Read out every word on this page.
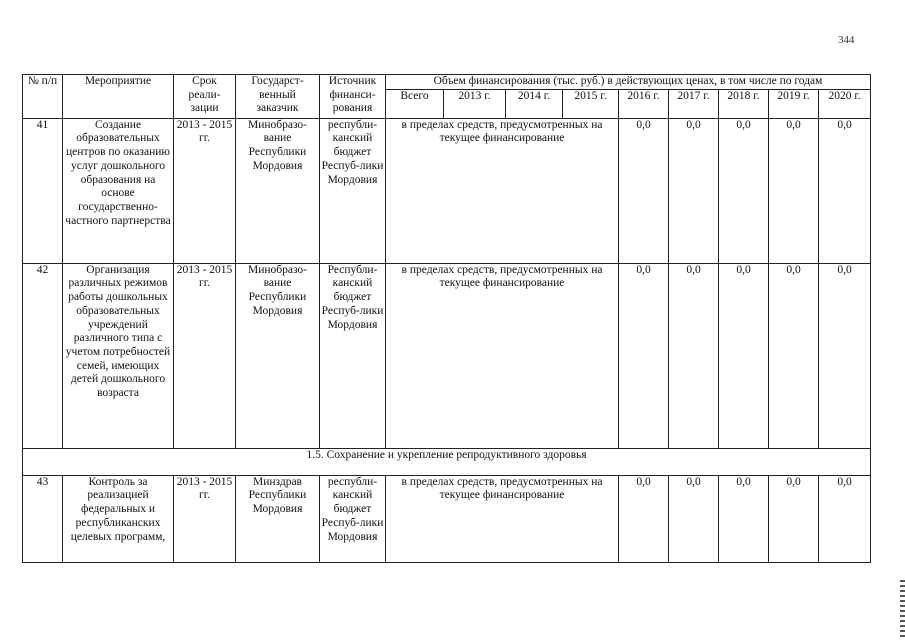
344
№ п/п	Мероприятие	Срок реали-зации	Государст-венный заказчик	Источник финанси-рования	Объем финансирования (тыс. руб.) в действующих ценах, в том числе по годам								
					Всего	2013 г.	2014 г.	2015 г.	2016 г.	2017 г.	2018 г.	2019 г.	2020 г.
41	Создание образовательных центров по оказанию услуг дошкольного образования на основе государственно-частного партнерства	2013 - 2015 гг.	Минобразо-вание Республики Мордовия	республи-канский бюджет Респуб-лики Мордовия	в пределах средств, предусмотренных на текущее финансирование				0,0	0,0	0,0	0,0	0,0
42	Организация различных режимов работы дошкольных образовательных учреждений различного типа с учетом потребностей семей, имеющих детей дошкольного возраста	2013 - 2015 гг.	Минобразо-вание Республики Мордовия	Республи-канский бюджет Респуб-лики Мордовия	в пределах средств, предусмотренных на текущее финансирование				0,0	0,0	0,0	0,0	0,0
1.5. Сохранение и укрепление репродуктивного здоровья													
43	Контроль за реализацией федеральных и республиканских целевых программ,	2013 - 2015 гг.	Минздрав Республики Мордовия	республи-канский бюджет Респуб-лики Мордовия	в пределах средств, предусмотренных на текущее финансирование				0,0	0,0	0,0	0,0	0,0
